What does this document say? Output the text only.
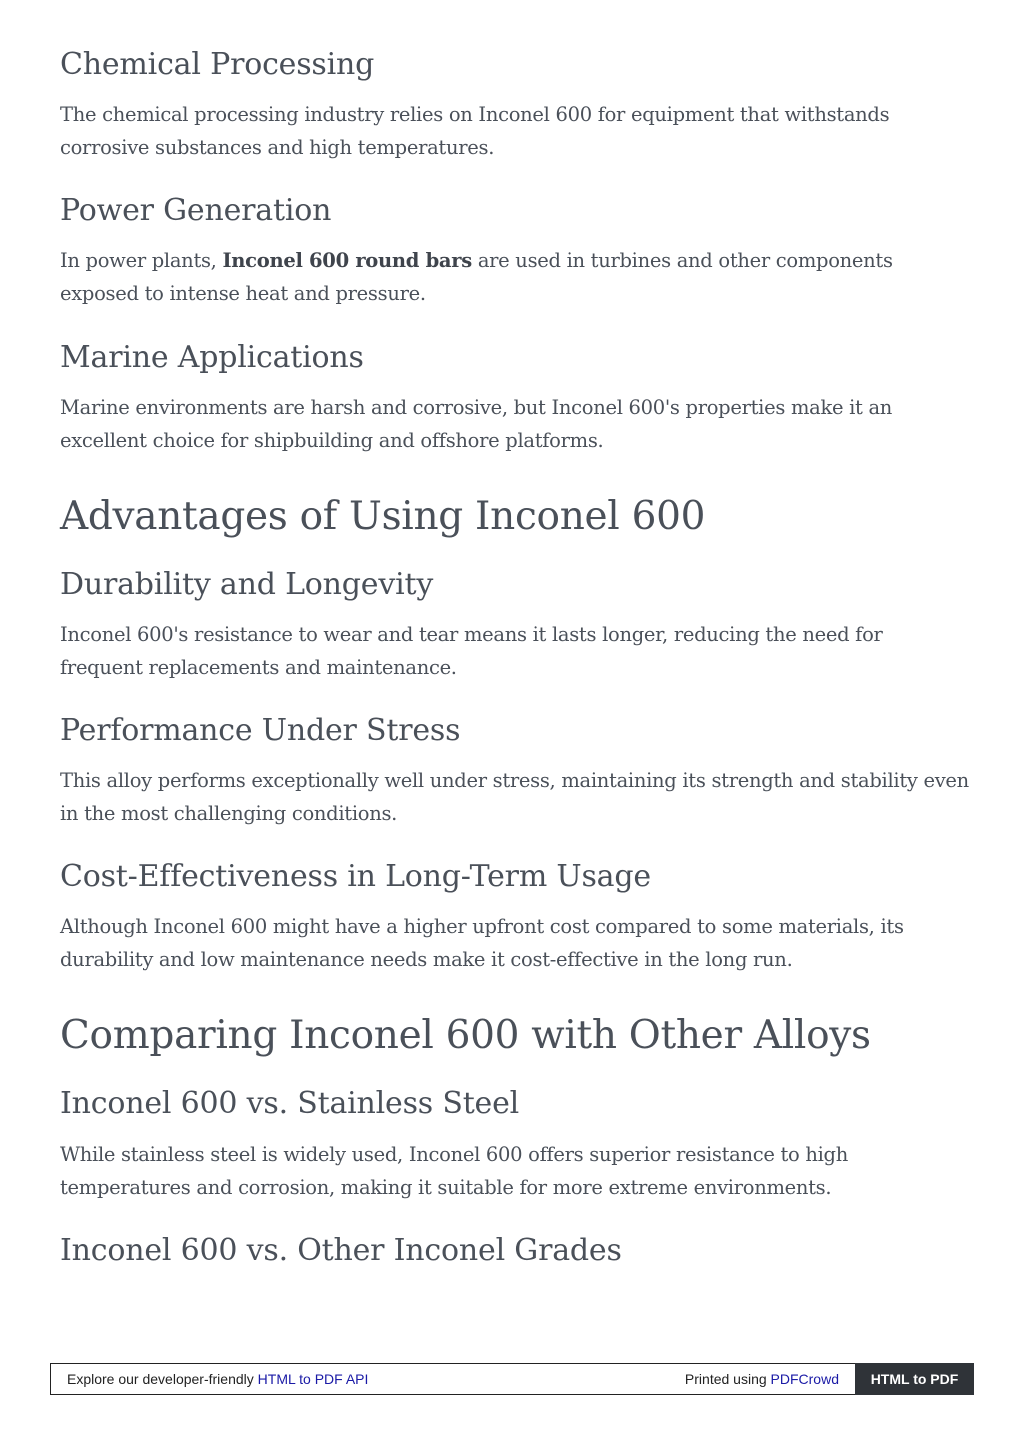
Chemical Processing

The chemical processing industry relies on Inconel 600 for equipment that withstands corrosive substances and high temperatures.

Power Generation

In power plants, Inconel 600 round bars are used in turbines and other components exposed to intense heat and pressure.

Marine Applications

Marine environments are harsh and corrosive, but Inconel 600's properties make it an excellent choice for shipbuilding and offshore platforms.

Advantages of Using Inconel 600
Durability and Longevity

Inconel 600's resistance to wear and tear means it lasts longer, reducing the need for frequent replacements and maintenance.

Performance Under Stress

This alloy performs exceptionally well under stress, maintaining its strength and stability even in the most challenging conditions.

Cost-Effectiveness in Long-Term Usage

Although Inconel 600 might have a higher upfront cost compared to some materials, its durability and low maintenance needs make it cost-effective in the long run.

Comparing Inconel 600 with Other Alloys
Inconel 600 vs. Stainless Steel

While stainless steel is widely used, Inconel 600 offers superior resistance to high temperatures and corrosion, making it suitable for more extreme environments.

Inconel 600 vs. Other Inconel Grades
Explore our developer-friendly HTML to PDF API	Printed using PDFCrowd	HTML to PDF
